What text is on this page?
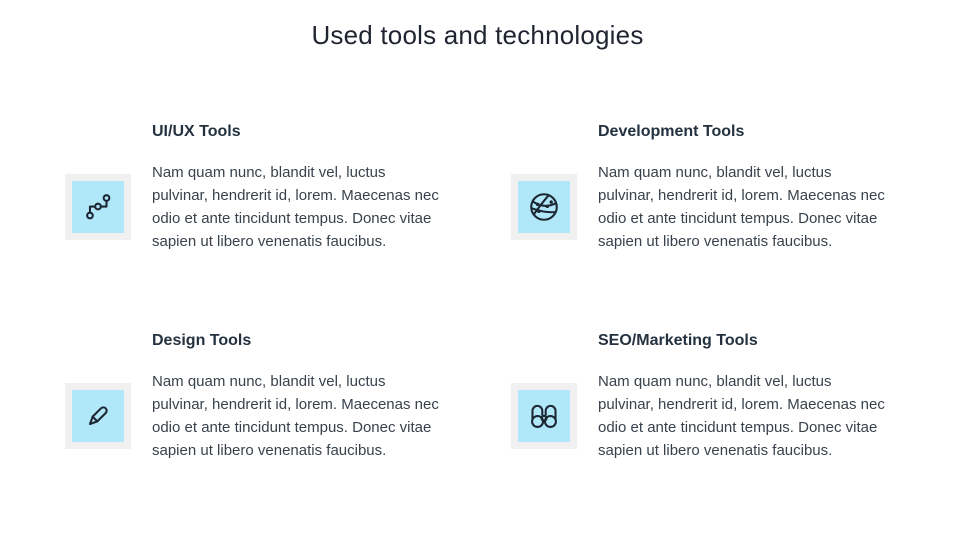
Used tools and technologies
UI/UX Tools

Nam quam nunc, blandit vel, luctus pulvinar, hendrerit id, lorem. Maecenas nec odio et ante tincidunt tempus. Donec vitae sapien ut libero venenatis faucibus.

Development Tools

Nam quam nunc, blandit vel, luctus pulvinar, hendrerit id, lorem. Maecenas nec odio et ante tincidunt tempus. Donec vitae sapien ut libero venenatis faucibus.

Design Tools

Nam quam nunc, blandit vel, luctus pulvinar, hendrerit id, lorem. Maecenas nec odio et ante tincidunt tempus. Donec vitae sapien ut libero venenatis faucibus.

SEO/Marketing Tools

Nam quam nunc, blandit vel, luctus pulvinar, hendrerit id, lorem. Maecenas nec odio et ante tincidunt tempus. Donec vitae sapien ut libero venenatis faucibus.
